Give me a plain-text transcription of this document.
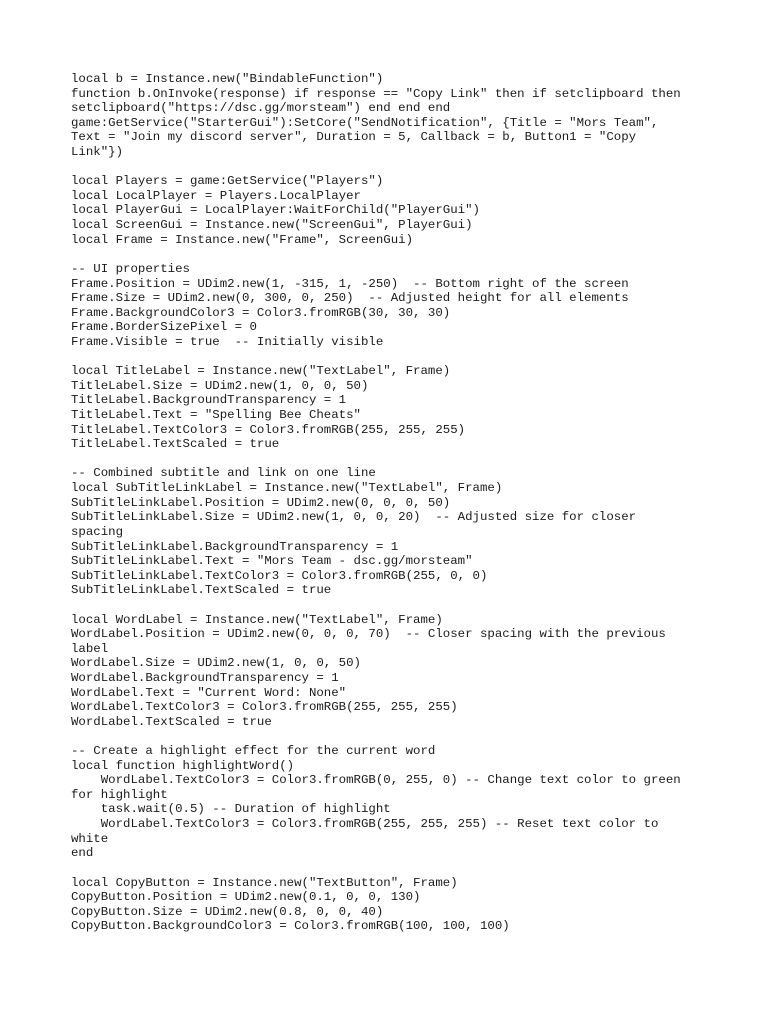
local b = Instance.new("BindableFunction")
function b.OnInvoke(response) if response == "Copy Link" then if setclipboard then
setclipboard("https://dsc.gg/morsteam") end end end
game:GetService("StarterGui"):SetCore("SendNotification", {Title = "Mors Team",
Text = "Join my discord server", Duration = 5, Callback = b, Button1 = "Copy
Link"})
local Players = game:GetService("Players")
local LocalPlayer = Players.LocalPlayer
local PlayerGui = LocalPlayer:WaitForChild("PlayerGui")
local ScreenGui = Instance.new("ScreenGui", PlayerGui)
local Frame = Instance.new("Frame", ScreenGui)
-- UI properties
Frame.Position = UDim2.new(1, -315, 1, -250)  -- Bottom right of the screen
Frame.Size = UDim2.new(0, 300, 0, 250)  -- Adjusted height for all elements
Frame.BackgroundColor3 = Color3.fromRGB(30, 30, 30)
Frame.BorderSizePixel = 0
Frame.Visible = true  -- Initially visible
local TitleLabel = Instance.new("TextLabel", Frame)
TitleLabel.Size = UDim2.new(1, 0, 0, 50)
TitleLabel.BackgroundTransparency = 1
TitleLabel.Text = "Spelling Bee Cheats"
TitleLabel.TextColor3 = Color3.fromRGB(255, 255, 255)
TitleLabel.TextScaled = true
-- Combined subtitle and link on one line
local SubTitleLinkLabel = Instance.new("TextLabel", Frame)
SubTitleLinkLabel.Position = UDim2.new(0, 0, 0, 50)
SubTitleLinkLabel.Size = UDim2.new(1, 0, 0, 20)  -- Adjusted size for closer
spacing
SubTitleLinkLabel.BackgroundTransparency = 1
SubTitleLinkLabel.Text = "Mors Team - dsc.gg/morsteam"
SubTitleLinkLabel.TextColor3 = Color3.fromRGB(255, 0, 0)
SubTitleLinkLabel.TextScaled = true
local WordLabel = Instance.new("TextLabel", Frame)
WordLabel.Position = UDim2.new(0, 0, 0, 70)  -- Closer spacing with the previous
label
WordLabel.Size = UDim2.new(1, 0, 0, 50)
WordLabel.BackgroundTransparency = 1
WordLabel.Text = "Current Word: None"
WordLabel.TextColor3 = Color3.fromRGB(255, 255, 255)
WordLabel.TextScaled = true
-- Create a highlight effect for the current word
local function highlightWord()
WordLabel.TextColor3 = Color3.fromRGB(0, 255, 0) -- Change text color to green
for highlight
task.wait(0.5) -- Duration of highlight
WordLabel.TextColor3 = Color3.fromRGB(255, 255, 255) -- Reset text color to
white
end
local CopyButton = Instance.new("TextButton", Frame)
CopyButton.Position = UDim2.new(0.1, 0, 0, 130)
CopyButton.Size = UDim2.new(0.8, 0, 0, 40)
CopyButton.BackgroundColor3 = Color3.fromRGB(100, 100, 100)
